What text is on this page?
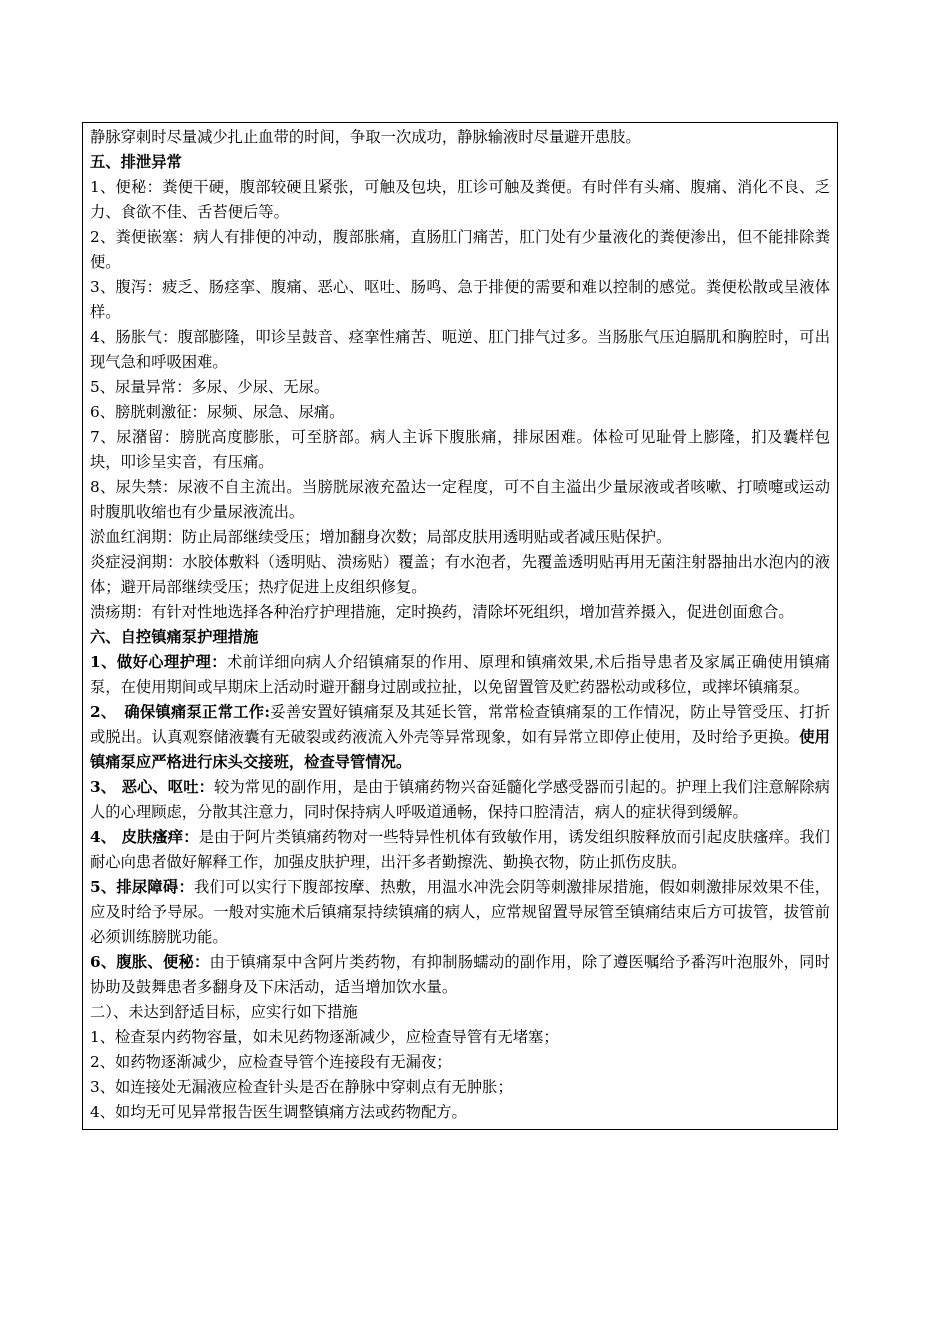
静脉穿刺时尽量减少扎止血带的时间，争取一次成功，静脉输液时尽量避开患肢。

五、排泄异常

1、便秘：粪便干硬，腹部较硬且紧张，可触及包块，肛诊可触及粪便。有时伴有头痛、腹痛、消化不良、乏力、食欲不佳、舌苔便后等。

2、粪便嵌塞：病人有排便的冲动，腹部胀痛，直肠肛门痛苦，肛门处有少量液化的粪便渗出，但不能排除粪便。

3、腹泻：疲乏、肠痉挛、腹痛、恶心、呕吐、肠鸣、急于排便的需要和难以控制的感觉。粪便松散或呈液体样。

4、肠胀气：腹部膨隆，叩诊呈鼓音、痉挛性痛苦、呃逆、肛门排气过多。当肠胀气压迫膈肌和胸腔时，可出现气急和呼吸困难。

5、尿量异常：多尿、少尿、无尿。

6、膀胱刺激征：尿频、尿急、尿痛。

7、尿潴留：膀胱高度膨胀，可至脐部。病人主诉下腹胀痛，排尿困难。体检可见耻骨上膨隆，扪及囊样包块，叩诊呈实音，有压痛。

8、尿失禁：尿液不自主流出。当膀胱尿液充盈达一定程度，可不自主溢出少量尿液或者咳嗽、打喷嚏或运动时腹肌收缩也有少量尿液流出。

淤血红润期：防止局部继续受压；增加翻身次数；局部皮肤用透明贴或者减压贴保护。

炎症浸润期：水胶体敷料（透明贴、溃疡贴）覆盖；有水泡者，先覆盖透明贴再用无菌注射器抽出水泡内的液体；避开局部继续受压；热疗促进上皮组织修复。

溃疡期：有针对性地选择各种治疗护理措施，定时换药，清除坏死组织，增加营养摄入，促进创面愈合。

六、自控镇痛泵护理措施

1、做好心理护理：术前详细向病人介绍镇痛泵的作用、原理和镇痛效果,术后指导患者及家属正确使用镇痛泵，在使用期间或早期床上活动时避开翻身过剧或拉扯，以免留置管及贮药器松动或移位，或摔坏镇痛泵。

2、　确保镇痛泵正常工作:妥善安置好镇痛泵及其延长管，常常检查镇痛泵的工作情况，防止导管受压、打折或脱出。认真观察储液囊有无破裂或药液流入外壳等异常现象，如有异常立即停止使用，及时给予更换。使用镇痛泵应严格进行床头交接班，检查导管情况。

3、 恶心、呕吐：较为常见的副作用，是由于镇痛药物兴奋延髓化学感受器而引起的。护理上我们注意解除病人的心理顾虑，分散其注意力，同时保持病人呼吸道通畅，保持口腔清洁，病人的症状得到缓解。

4、 皮肤瘙痒：是由于阿片类镇痛药物对一些特异性机体有致敏作用，诱发组织胺释放而引起皮肤瘙痒。我们耐心向患者做好解释工作，加强皮肤护理，出汗多者勤擦洗、勤换衣物，防止抓伤皮肤。

5、排尿障碍：我们可以实行下腹部按摩、热敷，用温水冲洗会阴等刺激排尿措施，假如刺激排尿效果不佳，应及时给予导尿。一般对实施术后镇痛泵持续镇痛的病人，应常规留置导尿管至镇痛结束后方可拔管，拔管前必须训练膀胱功能。

6、腹胀、便秘：由于镇痛泵中含阿片类药物，有抑制肠蠕动的副作用，除了遵医嘱给予番泻叶泡服外，同时协助及鼓舞患者多翻身及下床活动，适当增加饮水量。

二）、未达到舒适目标，应实行如下措施

1、检查泵内药物容量，如未见药物逐渐减少，应检查导管有无堵塞；

2、如药物逐渐减少，应检查导管个连接段有无漏夜；

3、如连接处无漏液应检查针头是否在静脉中穿刺点有无肿胀；

4、如均无可见异常报告医生调整镇痛方法或药物配方。
